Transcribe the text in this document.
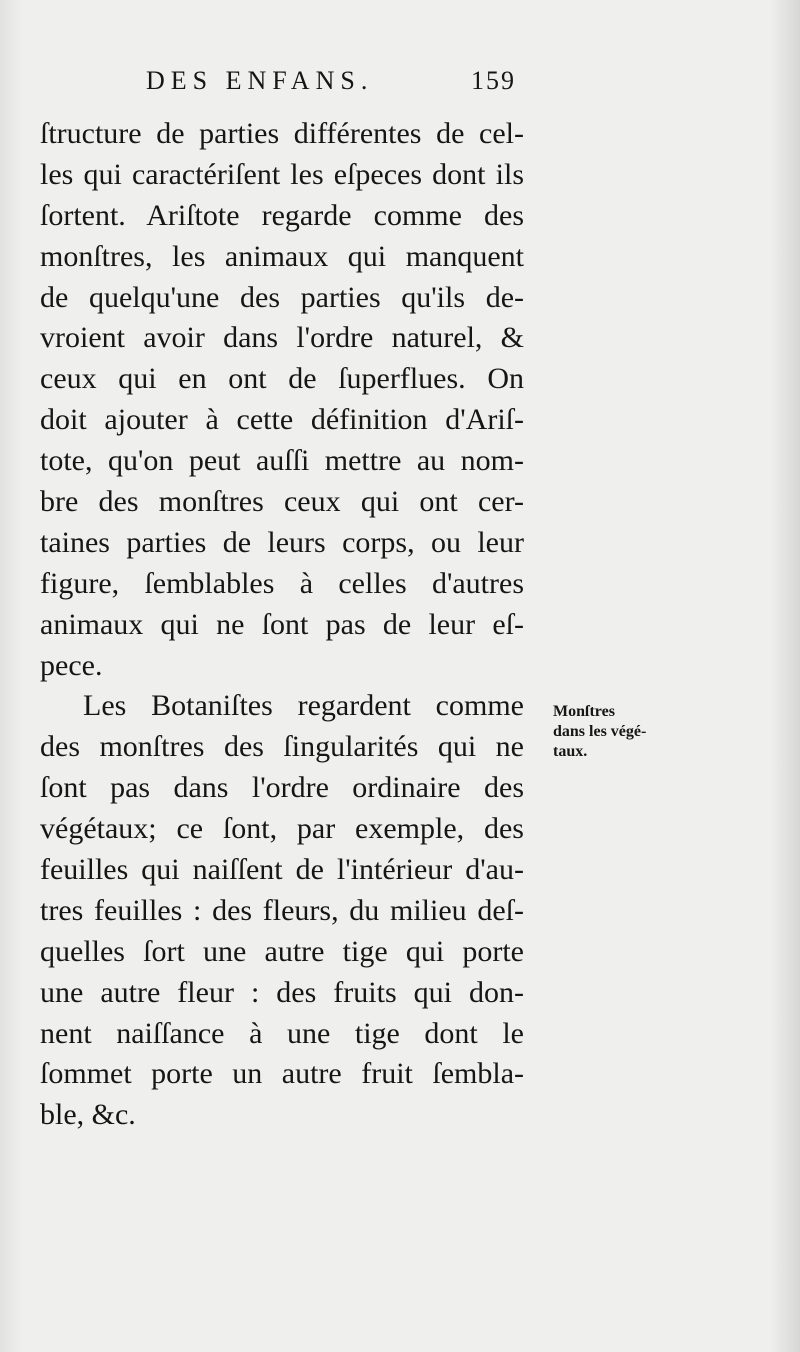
DES ENFANS.	159
ſtructure de parties différentes de cel-
les qui caractériſent les eſpeces dont ils
ſortent. Ariſtote regarde comme des
monſtres, les animaux qui manquent
de quelqu'une des parties qu'ils de-
vroient avoir dans l'ordre naturel, &
ceux qui en ont de ſuperflues. On
doit ajouter à cette définition d'Ariſ-
tote, qu'on peut auſſi mettre au nom-
bre des monſtres ceux qui ont cer-
taines parties de leurs corps, ou leur
figure, ſemblables à celles d'autres
animaux qui ne ſont pas de leur eſ-
pece.
Les Botaniſtes regardent comme
des monſtres des ſingularités qui ne
ſont pas dans l'ordre ordinaire des
végétaux; ce ſont, par exemple, des
feuilles qui naiſſent de l'intérieur d'au-
tres feuilles : des fleurs, du milieu deſ-
quelles ſort une autre tige qui porte
une autre fleur : des fruits qui don-
nent naiſſance à une tige dont le
ſommet porte un autre fruit ſembla-
ble, &c.
Monſtres
dans les végé-
taux.
